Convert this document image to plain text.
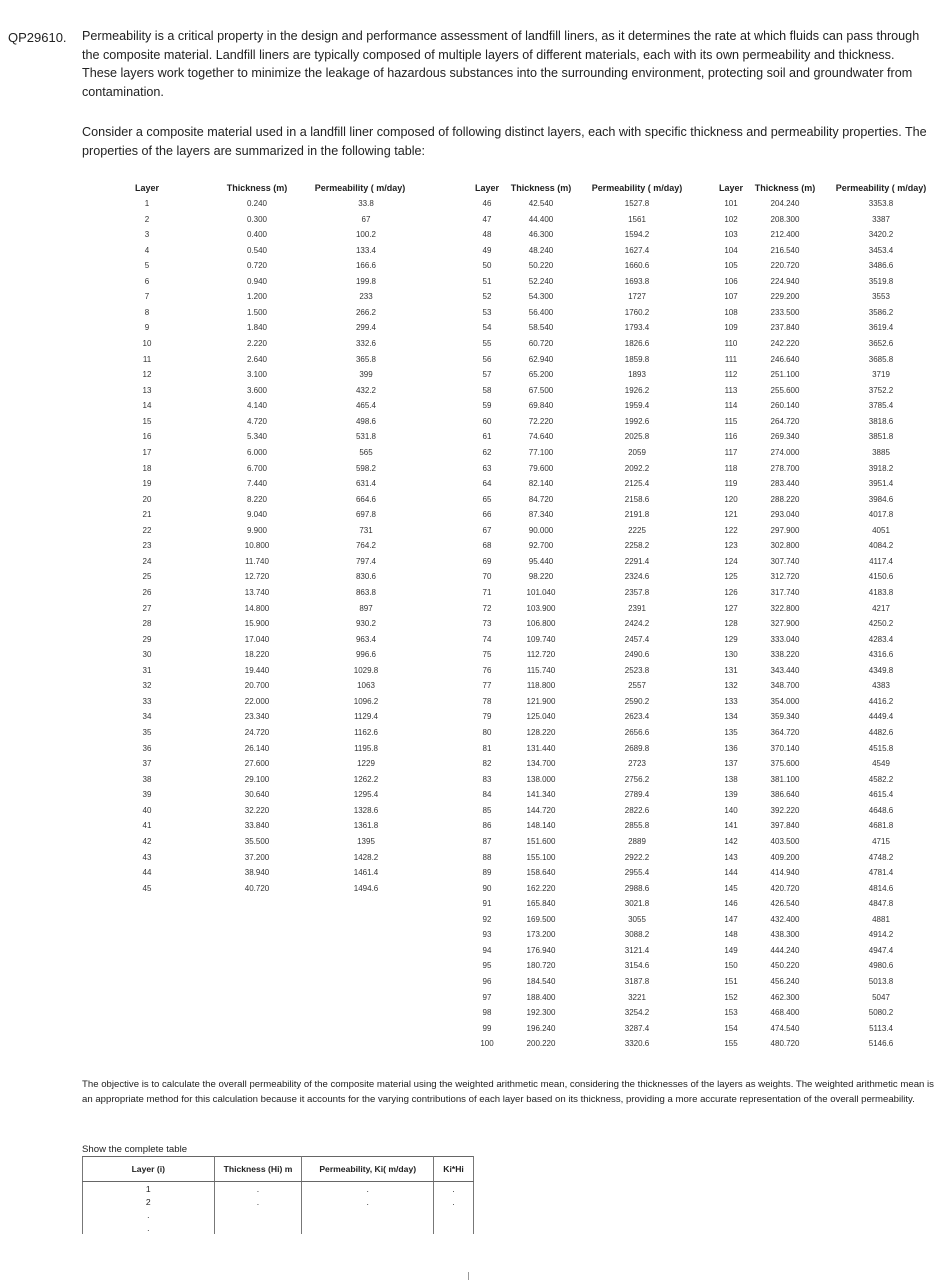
QP29610. Permeability is a critical property in the design and performance assessment of landfill liners, as it determines the rate at which fluids can pass through the composite material. Landfill liners are typically composed of multiple layers of different materials, each with its own permeability and thickness. These layers work together to minimize the leakage of hazardous substances into the surrounding environment, protecting soil and groundwater from contamination.
Consider a composite material used in a landfill liner composed of following distinct layers, each with specific thickness and permeability properties. The properties of the layers are summarized in the following table:
Layer	Thickness (m)	Permeability ( m/day)
1	0.240	33.8
2	0.300	67
3	0.400	100.2
4	0.540	133.4
5	0.720	166.6
6	0.940	199.8
7	1.200	233
8	1.500	266.2
9	1.840	299.4
10	2.220	332.6
11	2.640	365.8
12	3.100	399
13	3.600	432.2
14	4.140	465.4
15	4.720	498.6
16	5.340	531.8
17	6.000	565
18	6.700	598.2
19	7.440	631.4
20	8.220	664.6
21	9.040	697.8
22	9.900	731
23	10.800	764.2
24	11.740	797.4
25	12.720	830.6
26	13.740	863.8
27	14.800	897
28	15.900	930.2
29	17.040	963.4
30	18.220	996.6
31	19.440	1029.8
32	20.700	1063
33	22.000	1096.2
34	23.340	1129.4
35	24.720	1162.6
36	26.140	1195.8
37	27.600	1229
38	29.100	1262.2
39	30.640	1295.4
40	32.220	1328.6
41	33.840	1361.8
42	35.500	1395
43	37.200	1428.2
44	38.940	1461.4
45	40.720	1494.6
Layer Thickness (m) Permeability ( m/day)
46	42.540	1527.8
47	44.400	1561
48	46.300	1594.2
49	48.240	1627.4
50	50.220	1660.6
51	52.240	1693.8
52	54.300	1727
53	56.400	1760.2
54	58.540	1793.4
55	60.720	1826.6
56	62.940	1859.8
57	65.200	1893
58	67.500	1926.2
59	69.840	1959.4
60	72.220	1992.6
61	74.640	2025.8
62	77.100	2059
63	79.600	2092.2
64	82.140	2125.4
65	84.720	2158.6
66	87.340	2191.8
67	90.000	2225
68	92.700	2258.2
69	95.440	2291.4
70	98.220	2324.6
71	101.040	2357.8
72	103.900	2391
73	106.800	2424.2
74	109.740	2457.4
75	112.720	2490.6
76	115.740	2523.8
77	118.800	2557
78	121.900	2590.2
79	125.040	2623.4
80	128.220	2656.6
81	131.440	2689.8
82	134.700	2723
83	138.000	2756.2
84	141.340	2789.4
85	144.720	2822.6
86	148.140	2855.8
87	151.600	2889
88	155.100	2922.2
89	158.640	2955.4
90	162.220	2988.6
91	165.840	3021.8
92	169.500	3055
93	173.200	3088.2
94	176.940	3121.4
95	180.720	3154.6
96	184.540	3187.8
97	188.400	3221
98	192.300	3254.2
99	196.240	3287.4
100	200.220	3320.6
Layer Thickness (m) Permeability ( m/day)
101	204.240	3353.8
102	208.300	3387
103	212.400	3420.2
104	216.540	3453.4
105	220.720	3486.6
106	224.940	3519.8
107	229.200	3553
108	233.500	3586.2
109	237.840	3619.4
110	242.220	3652.6
111	246.640	3685.8
112	251.100	3719
113	255.600	3752.2
114	260.140	3785.4
115	264.720	3818.6
116	269.340	3851.8
117	274.000	3885
118	278.700	3918.2
119	283.440	3951.4
120	288.220	3984.6
121	293.040	4017.8
122	297.900	4051
123	302.800	4084.2
124	307.740	4117.4
125	312.720	4150.6
126	317.740	4183.8
127	322.800	4217
128	327.900	4250.2
129	333.040	4283.4
130	338.220	4316.6
131	343.440	4349.8
132	348.700	4383
133	354.000	4416.2
134	359.340	4449.4
135	364.720	4482.6
136	370.140	4515.8
137	375.600	4549
138	381.100	4582.2
139	386.640	4615.4
140	392.220	4648.6
141	397.840	4681.8
142	403.500	4715
143	409.200	4748.2
144	414.940	4781.4
145	420.720	4814.6
146	426.540	4847.8
147	432.400	4881
148	438.300	4914.2
149	444.240	4947.4
150	450.220	4980.6
151	456.240	5013.8
152	462.300	5047
153	468.400	5080.2
154	474.540	5113.4
155	480.720	5146.6
The objective is to calculate the overall permeability of the composite material using the weighted arithmetic mean, considering the thicknesses of the layers as weights. The weighted arithmetic mean is an appropriate method for this calculation because it accounts for the varying contributions of each layer based on its thickness, providing a more accurate representation of the overall permeability.
Show the complete table
Layer (i)	Thickness (Hi) m	Permeability, Ki( m/day)	Ki*Hi
1	.	.	.
2	.	.	.
.			
.			
